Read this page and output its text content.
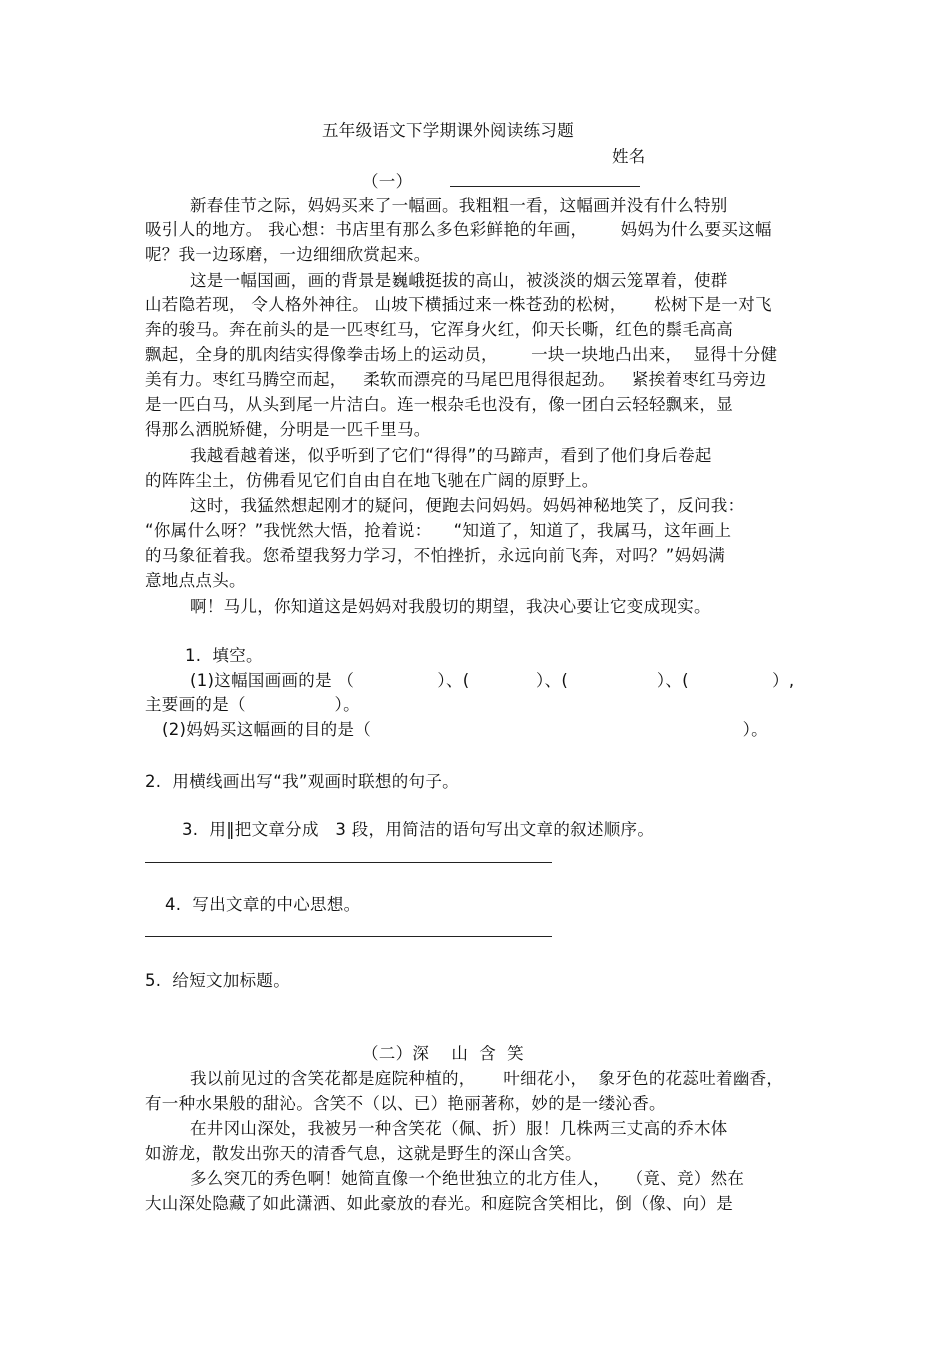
五年级语文下学期课外阅读练习题
姓名
（一）
新春佳节之际，妈妈买来了一幅画。我粗粗一看，这幅画并没有什么特别
吸引人的地方。 我心想：书店里有那么多色彩鲜艳的年画，      妈妈为什么要买这幅
呢？我一边琢磨，一边细细欣赏起来。
这是一幅国画，画的背景是巍峨挺拔的高山，被淡淡的烟云笼罩着，使群
山若隐若现， 令人格外神往。 山坡下横插过来一株苍劲的松树，     松树下是一对飞
奔的骏马。奔在前头的是一匹枣红马，它浑身火红，仰天长嘶，红色的鬃毛高高
飘起，全身的肌肉结实得像拳击场上的运动员，      一块一块地凸出来，  显得十分健
美有力。枣红马腾空而起，   柔软而漂亮的马尾巴甩得很起劲。   紧挨着枣红马旁边
是一匹白马，从头到尾一片洁白。连一根杂毛也没有，像一团白云轻轻飘来，显
得那么洒脱矫健，分明是一匹千里马。
我越看越着迷，似乎听到了它们“得得”的马蹄声，看到了他们身后卷起
的阵阵尘土，仿佛看见它们自由自在地飞驰在广阔的原野上。
这时，我猛然想起刚才的疑问，便跑去问妈妈。妈妈神秘地笑了，反问我：
“你属什么呀？”我恍然大悟，抢着说：    “知道了，知道了，我属马，这年画上
的马象征着我。您希望我努力学习，不怕挫折，永远向前飞奔，对吗？”妈妈满
意地点点头。
啊！马儿，你知道这是妈妈对我殷切的期望，我决心要让它变成现实。
1.  填空。
(1)这幅国画画的是 （               ）、(            ）、(                ）、(               ）,
主要画的是（                ）。
(2)妈妈买这幅画的目的是（                                                                   ）。
2.  用横线画出写“我”观画时联想的句子。
3.  用‖把文章分成   3 段，用简洁的语句写出文章的叙述顺序。
4.  写出文章的中心思想。
5.  给短文加标题。
（二）深    山  含  笑
我以前见过的含笑花都是庭院种植的，     叶细花小，  象牙色的花蕊吐着幽香，
有一种水果般的甜沁。含笑不（以、已）艳丽著称，妙的是一缕沁香。
在井冈山深处，我被另一种含笑花（佩、折）服！几株两三丈高的乔木体
如游龙，散发出弥天的清香气息，这就是野生的深山含笑。
多么突兀的秀色啊！她简直像一个绝世独立的北方佳人，   （竟、竞）然在
大山深处隐藏了如此潇洒、如此豪放的春光。和庭院含笑相比，倒（像、向）是
